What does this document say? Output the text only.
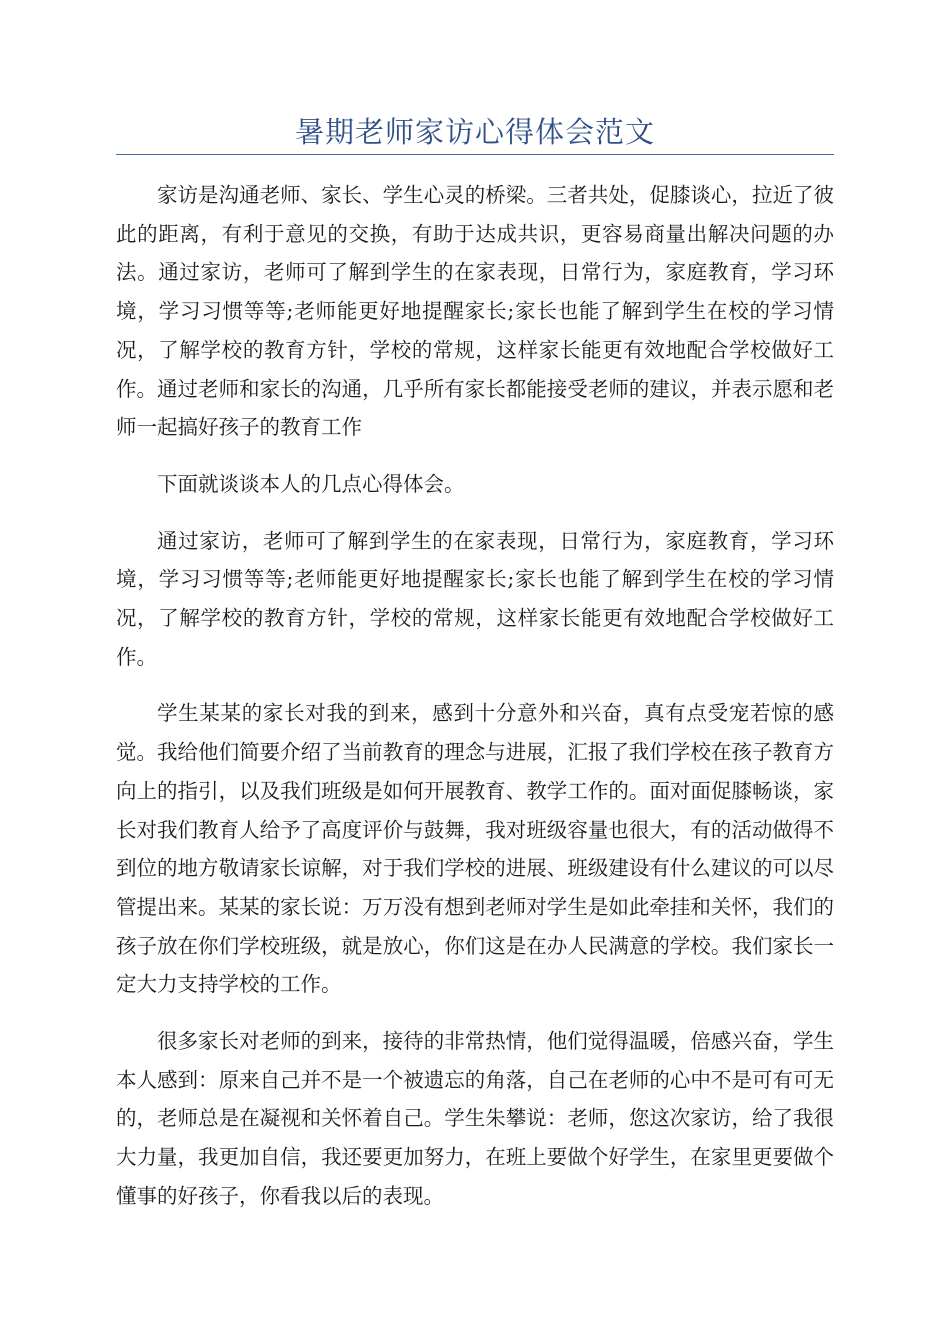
暑期老师家访心得体会范文

家访是沟通老师、家长、学生心灵的桥梁。三者共处，促膝谈心，拉近了彼此的距离，有利于意见的交换，有助于达成共识，更容易商量出解决问题的办法。通过家访，老师可了解到学生的在家表现，日常行为，家庭教育，学习环境，学习习惯等等;老师能更好地提醒家长;家长也能了解到学生在校的学习情况，了解学校的教育方针，学校的常规，这样家长能更有效地配合学校做好工作。通过老师和家长的沟通，几乎所有家长都能接受老师的建议，并表示愿和老师一起搞好孩子的教育工作

下面就谈谈本人的几点心得体会。

通过家访，老师可了解到学生的在家表现，日常行为，家庭教育，学习环境，学习习惯等等;老师能更好地提醒家长;家长也能了解到学生在校的学习情况，了解学校的教育方针，学校的常规，这样家长能更有效地配合学校做好工作。

学生某某的家长对我的到来，感到十分意外和兴奋，真有点受宠若惊的感觉。我给他们简要介绍了当前教育的理念与进展，汇报了我们学校在孩子教育方向上的指引，以及我们班级是如何开展教育、教学工作的。面对面促膝畅谈，家长对我们教育人给予了高度评价与鼓舞，我对班级容量也很大，有的活动做得不到位的地方敬请家长谅解，对于我们学校的进展、班级建设有什么建议的可以尽管提出来。某某的家长说：万万没有想到老师对学生是如此牵挂和关怀，我们的孩子放在你们学校班级，就是放心，你们这是在办人民满意的学校。我们家长一定大力支持学校的工作。

很多家长对老师的到来，接待的非常热情，他们觉得温暖，倍感兴奋，学生本人感到：原来自己并不是一个被遗忘的角落，自己在老师的心中不是可有可无的，老师总是在凝视和关怀着自己。学生朱攀说：老师，您这次家访，给了我很大力量，我更加自信，我还要更加努力，在班上要做个好学生，在家里更要做个懂事的好孩子，你看我以后的表现。
